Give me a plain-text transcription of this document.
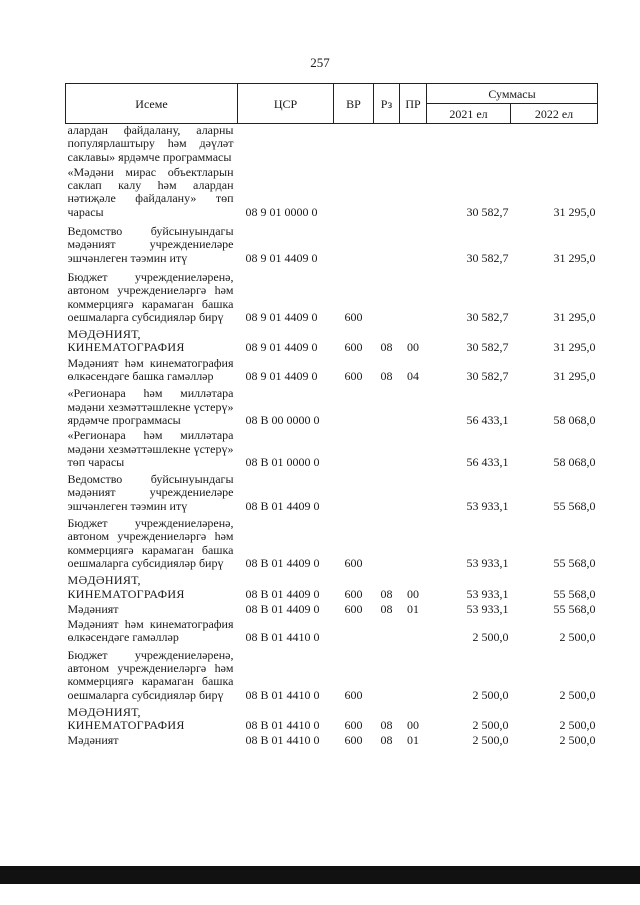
257
Исеме	ЦСР	ВР	Рз	ПР	Суммасы	
					2021 ел	2022 ел
алардан файдалану, аларны популярлаштыру һәм дәүләт саклавы» ярдәмче программасы						
«Мәдәни мирас объектларын саклап калу һәм алардан нәтиҗәле файдалану» төп чарасы	08 9 01 0000 0				30 582,7	31 295,0
Ведомство буйсынуындагы мәдәният учреждениеләре эшчәнлеген тәэмин итү	08 9 01 4409 0				30 582,7	31 295,0
Бюджет учреждениеләренә, автоном учреждениеләргә һәм коммерциягә карамаган башка оешмаларга субсидияләр бирү	08 9 01 4409 0	600			30 582,7	31 295,0
МӘДӘНИЯТ, КИНЕМАТОГРАФИЯ	08 9 01 4409 0	600	08	00	30 582,7	31 295,0
Мәдәният һәм кинематография өлкәсендәге башка гамәлләр	08 9 01 4409 0	600	08	04	30 582,7	31 295,0
«Регионара һәм милләтара мәдәни хезмәттәшлекне үстерү» ярдәмче программасы	08 В 00 0000 0				56 433,1	58 068,0
«Регионара һәм милләтара мәдәни хезмәттәшлекне үстерү» төп чарасы	08 В 01 0000 0				56 433,1	58 068,0
Ведомство буйсынуындагы мәдәният учреждениеләре эшчәнлеген тәэмин итү	08 В 01 4409 0				53 933,1	55 568,0
Бюджет учреждениеләренә, автоном учреждениеләргә һәм коммерциягә карамаган башка оешмаларга субсидияләр бирү	08 В 01 4409 0	600			53 933,1	55 568,0
МӘДӘНИЯТ, КИНЕМАТОГРАФИЯ	08 В 01 4409 0	600	08	00	53 933,1	55 568,0
Мәдәният	08 В 01 4409 0	600	08	01	53 933,1	55 568,0
Мәдәният һәм кинематография өлкәсендәге гамәлләр	08 В 01 4410 0				2 500,0	2 500,0
Бюджет учреждениеләренә, автоном учреждениеләргә һәм коммерциягә карамаган башка оешмаларга субсидияләр бирү	08 В 01 4410 0	600			2 500,0	2 500,0
МӘДӘНИЯТ, КИНЕМАТОГРАФИЯ	08 В 01 4410 0	600	08	00	2 500,0	2 500,0
Мәдәният	08 В 01 4410 0	600	08	01	2 500,0	2 500,0
